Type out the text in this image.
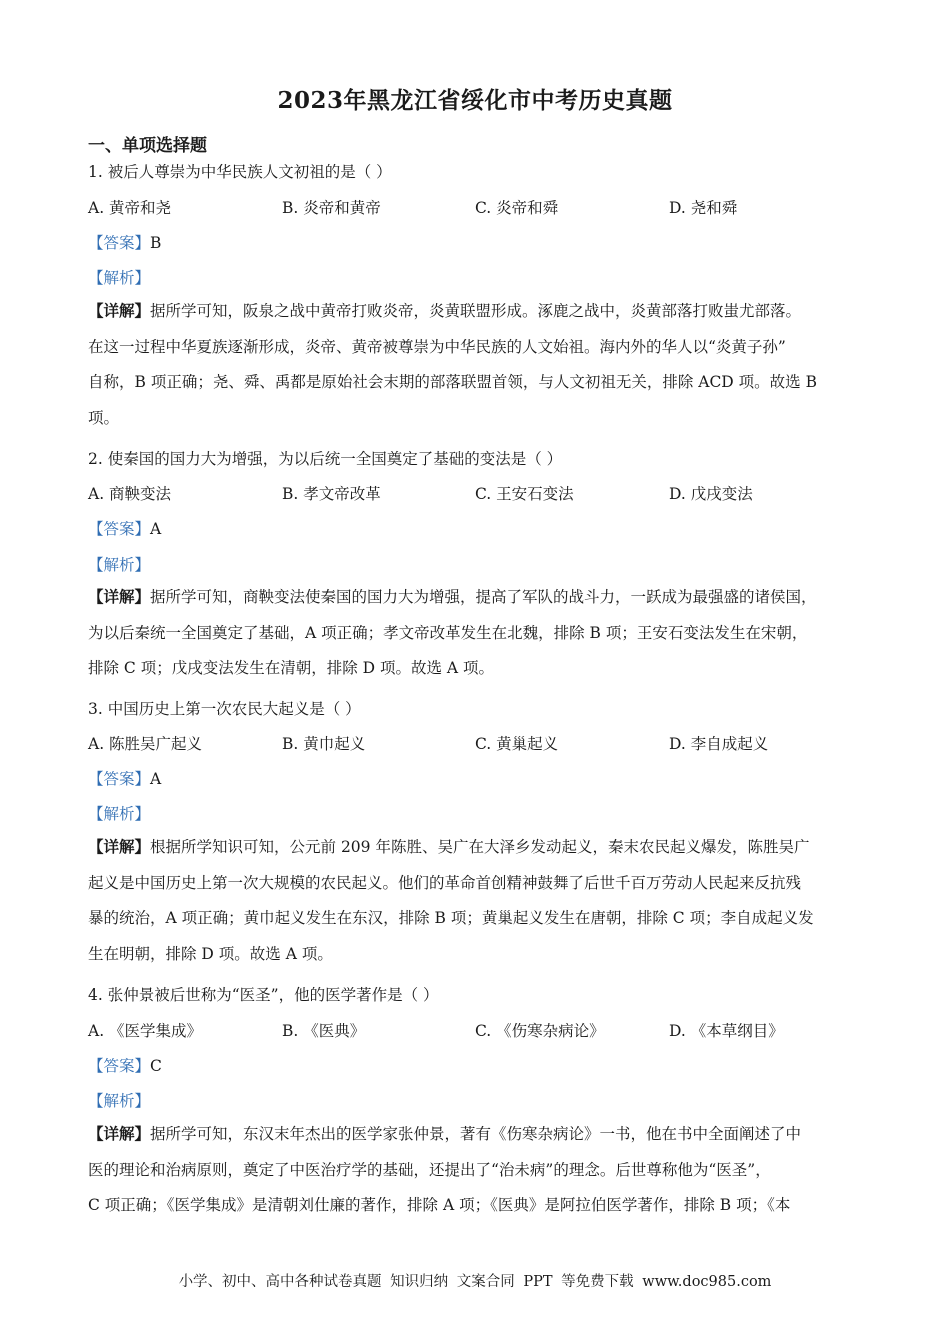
2023年黑龙江省绥化市中考历史真题
一、单项选择题
1. 被后人尊崇为中华民族人文初祖的是（ ）
A. 黄帝和尧	B. 炎帝和黄帝	C. 炎帝和舜	D. 尧和舜
【答案】B
【解析】

【详解】据所学可知，阪泉之战中黄帝打败炎帝，炎黄联盟形成。涿鹿之战中，炎黄部落打败蚩尤部落。

在这一过程中华夏族逐渐形成，炎帝、黄帝被尊崇为中华民族的人文始祖。海内外的华人以“炎黄子孙”

自称，B 项正确；尧、舜、禹都是原始社会末期的部落联盟首领，与人文初祖无关，排除 ACD 项。故选 B

项。

2. 使秦国的国力大为增强，为以后统一全国奠定了基础的变法是（ ）
A. 商鞅变法	B. 孝文帝改革	C. 王安石变法	D. 戊戌变法
【答案】A
【解析】

【详解】据所学可知，商鞅变法使秦国的国力大为增强，提高了军队的战斗力，一跃成为最强盛的诸侯国，

为以后秦统一全国奠定了基础，A 项正确；孝文帝改革发生在北魏，排除 B 项；王安石变法发生在宋朝，

排除 C 项；戊戌变法发生在清朝，排除 D 项。故选 A 项。

3. 中国历史上第一次农民大起义是（ ）
A. 陈胜吴广起义	B. 黄巾起义	C. 黄巢起义	D. 李自成起义
【答案】A
【解析】

【详解】根据所学知识可知，公元前 209 年陈胜、吴广在大泽乡发动起义，秦末农民起义爆发，陈胜吴广

起义是中国历史上第一次大规模的农民起义。他们的革命首创精神鼓舞了后世千百万劳动人民起来反抗残

暴的统治，A 项正确；黄巾起义发生在东汉，排除 B 项；黄巢起义发生在唐朝，排除 C 项；李自成起义发

生在明朝，排除 D 项。故选 A 项。

4. 张仲景被后世称为“医圣”，他的医学著作是（ ）
A. 《医学集成》	B. 《医典》	C. 《伤寒杂病论》	D. 《本草纲目》
【答案】C
【解析】

【详解】据所学可知，东汉末年杰出的医学家张仲景，著有《伤寒杂病论》一书，他在书中全面阐述了中

医的理论和治病原则，奠定了中医治疗学的基础，还提出了“治未病”的理念。后世尊称他为“医圣”，

C 项正确；《医学集成》是清朝刘仕廉的著作，排除 A 项；《医典》是阿拉伯医学著作，排除 B 项；《本

小学、初中、高中各种试卷真题 知识归纳 文案合同 PPT 等免费下载 www.doc985.com
